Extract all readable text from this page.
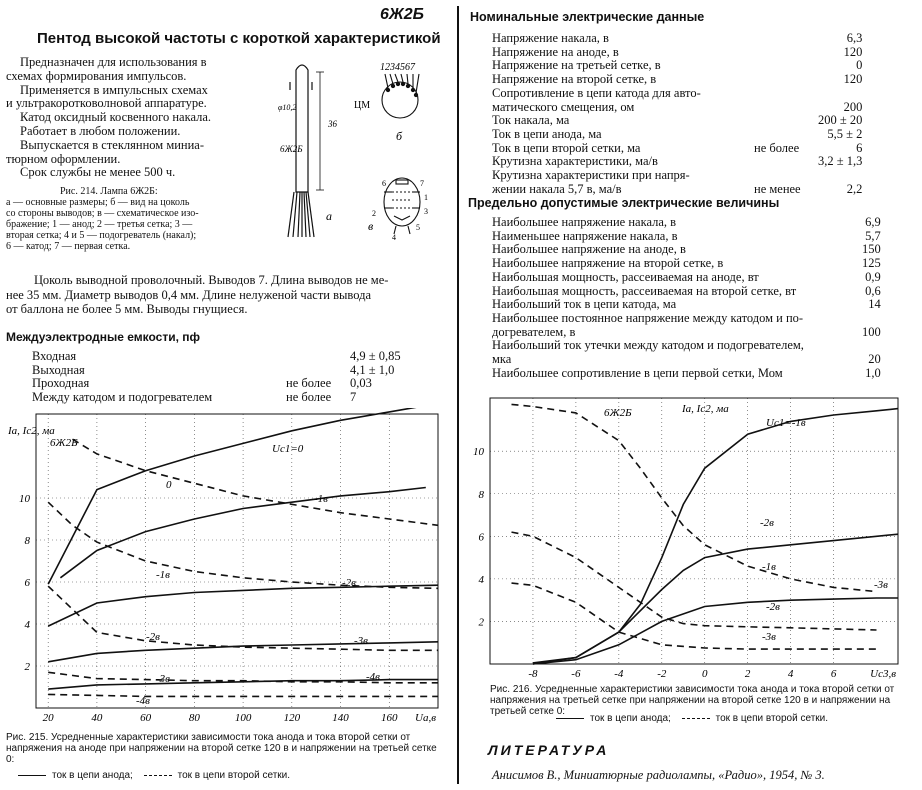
6Ж2Б
Пентод высокой частоты с короткой характеристикой
Предназначен для использования в
схемах формирования импульсов.
Применяется в импульсных схемах
и ультракоротковолновой аппаратуре.
Катод оксидный косвенного накала.
Работает в любом положении.
Выпускается в стеклянном миниа-
тюрном оформлении.
Срок службы не менее 500 ч.
φ10,2
36
6Ж2Б
а
1234567
ЦМ
б
6	7
4
5
1
2	3
в
Рис. 214. Лампа 6Ж2Б:
а — основные размеры; б — вид на цоколь
со стороны выводов; в — схематическое изо-
бражение; 1 — анод; 2 — третья сетка; 3 —
вторая сетка; 4 и 5 — подогреватель (накал);
6 — катод; 7 — первая сетка.
Цоколь выводной проволочный. Выводов 7. Длина выводов не ме-
нее 35 мм. Диаметр выводов 0,4 мм. Длине нелуженой части вывода
от баллона не более 5 мм. Выводы гнущиеся.
Междуэлектродные емкости, пф
Входная		4,9 ± 0,85
Выходная		4,1 ± 1,0
Проходная	не более	0,03
Между катодом и подогревателем	не более	7
20	40	60	80	100	120	140	160
2
4
6
8
10
Ua,в
Ia, Ic2, ма
6Ж2Б	Uc1=0
0
-1в
-1в
-2в
-2в	-3в
-3в	-4в
-4в
Рис. 215. Усредненные характеристики зависимости тока анода и тока второй сетки от напряжения на аноде при напряжении на второй сетке 120 в и напряжении на третьей сетке 0:
ток в цепи анода;	ток в цепи второй сетки.
Номинальные электрические данные
Напряжение накала, в		6,3
Напряжение на аноде, в		120
Напряжение на третьей сетке, в		0
Напряжение на второй сетке, в		120
Сопротивление в цепи катода для авто-		
матического смещения, ом		200
Ток накала, ма		200 ± 20
Ток в цепи анода, ма		5,5 ± 2
Ток в цепи второй сетки, ма	не более	6
Крутизна характеристики, ма/в		3,2 ± 1,3
Крутизна характеристики при напря-		
жении накала 5,7 в, ма/в	не менее	2,2
Предельно допустимые электрические величины
Наибольшее напряжение накала, в	6,9
Наименьшее напряжение накала, в	5,7
Наибольшее напряжение на аноде, в	150
Наибольшее напряжение на второй сетке, в	125
Наибольшая мощность, рассеиваемая на аноде, вт	0,9
Наибольшая мощность, рассеиваемая на второй сетке, вт	0,6
Наибольший ток в цепи катода, ма	14
Наибольшее постоянное напряжение между катодом и по-	
догревателем, в	100
Наибольший ток утечки между катодом и подогревателем,	
мка	20
Наибольшее сопротивление в цепи первой сетки, Мом	1,0
-8	-6	-4	-2	0	2	4	6
2
4
6
8
10
Uc3,в
Ia, Ic2, ма
6Ж2Б
Uc1=-1в
-1в
-2в
-2в
-3в
-3в
Рис. 216. Усредненные характеристики зависимости тока анода и тока второй сетки от напряжения на третьей сетке при напряжении на второй сетке 120 в и напряжении на третьей сетке 0:
ток в цепи анода;	ток в цепи второй сетки.
ЛИТЕРАТУРА
Анисимов В., Миниатюрные радиолампы, «Радио», 1954, № 3.
